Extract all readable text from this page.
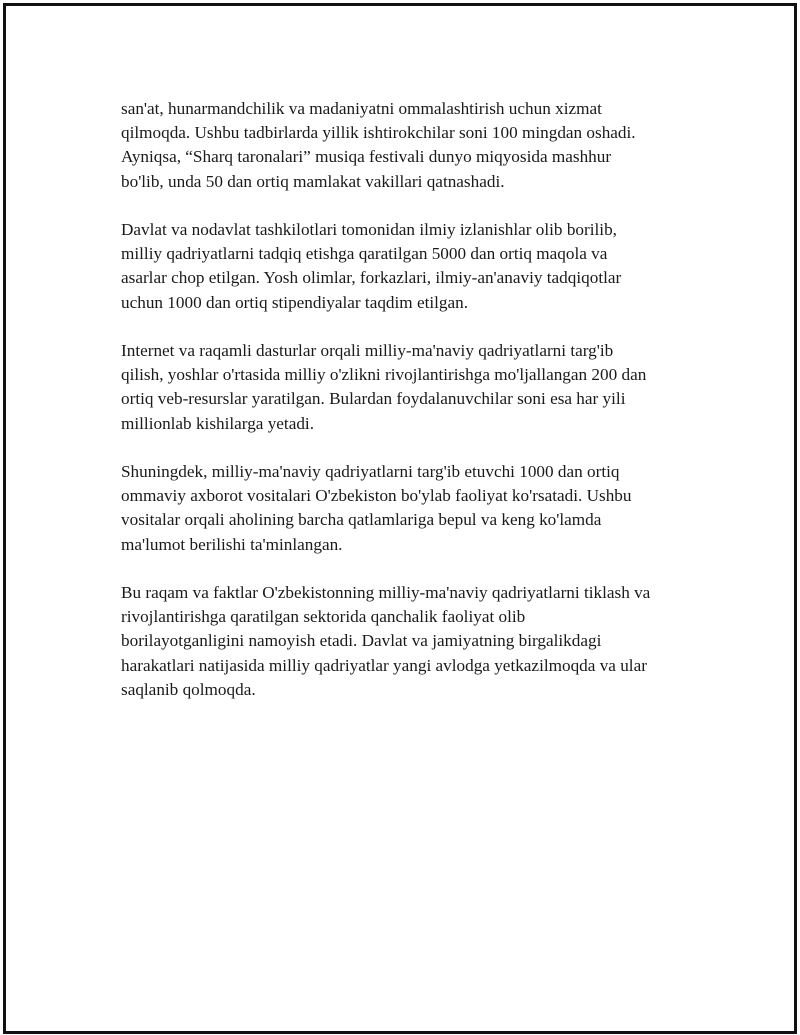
san'at, hunarmandchilik va madaniyatni ommalashtirish uchun xizmat
qilmoqda. Ushbu tadbirlarda yillik ishtirokchilar soni 100 mingdan oshadi.
Ayniqsa, “Sharq taronalari” musiqa festivali dunyo miqyosida mashhur
bo'lib, unda 50 dan ortiq mamlakat vakillari qatnashadi.

Davlat va nodavlat tashkilotlari tomonidan ilmiy izlanishlar olib borilib,
milliy qadriyatlarni tadqiq etishga qaratilgan 5000 dan ortiq maqola va
asarlar chop etilgan. Yosh olimlar, forkazlari, ilmiy-an'anaviy tadqiqotlar
uchun 1000 dan ortiq stipendiyalar taqdim etilgan.

Internet va raqamli dasturlar orqali milliy-ma'naviy qadriyatlarni targ'ib
qilish, yoshlar o'rtasida milliy o'zlikni rivojlantirishga mo'ljallangan 200 dan
ortiq veb-resurslar yaratilgan. Bulardan foydalanuvchilar soni esa har yili
millionlab kishilarga yetadi.

Shuningdek, milliy-ma'naviy qadriyatlarni targ'ib etuvchi 1000 dan ortiq
ommaviy axborot vositalari O'zbekiston bo'ylab faoliyat ko'rsatadi. Ushbu
vositalar orqali aholining barcha qatlamlariga bepul va keng ko'lamda
ma'lumot berilishi ta'minlangan.

Bu raqam va faktlar O'zbekistonning milliy-ma'naviy qadriyatlarni tiklash va
rivojlantirishga qaratilgan sektorida qanchalik faoliyat olib
borilayotganligini namoyish etadi. Davlat va jamiyatning birgalikdagi
harakatlari natijasida milliy qadriyatlar yangi avlodga yetkazilmoqda va ular
saqlanib qolmoqda.
